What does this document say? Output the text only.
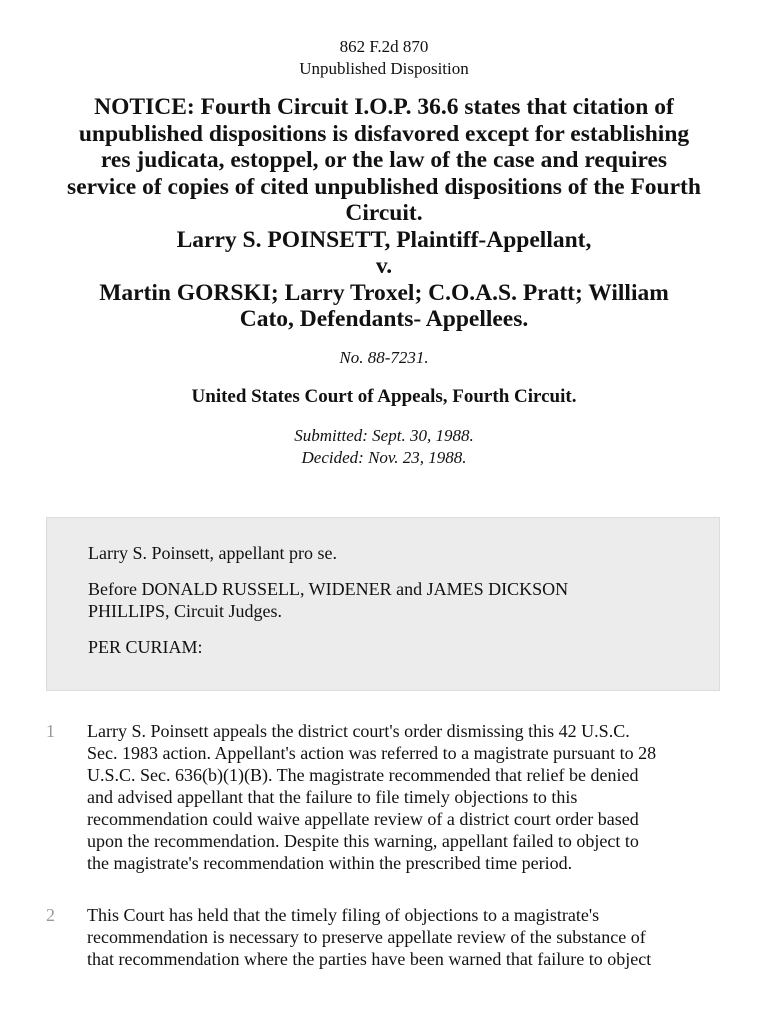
862 F.2d 870

Unpublished Disposition

NOTICE: Fourth Circuit I.O.P. 36.6 states that citation of
unpublished dispositions is disfavored except for establishing
res judicata, estoppel, or the law of the case and requires
service of copies of cited unpublished dispositions of the Fourth
Circuit.
Larry S. POINSETT, Plaintiff-Appellant,
v.
Martin GORSKI; Larry Troxel; C.O.A.S. Pratt; William
Cato, Defendants- Appellees.

No. 88-7231.

United States Court of Appeals, Fourth Circuit.

Submitted: Sept. 30, 1988.
Decided: Nov. 23, 1988.

Larry S. Poinsett, appellant pro se.

Before DONALD RUSSELL, WIDENER and JAMES DICKSON
PHILLIPS, Circuit Judges.

PER CURIAM:

1 Larry S. Poinsett appeals the district court's order dismissing this 42 U.S.C.
Sec. 1983 action. Appellant's action was referred to a magistrate pursuant to 28
U.S.C. Sec. 636(b)(1)(B). The magistrate recommended that relief be denied
and advised appellant that the failure to file timely objections to this
recommendation could waive appellate review of a district court order based
upon the recommendation. Despite this warning, appellant failed to object to
the magistrate's recommendation within the prescribed time period.

2 This Court has held that the timely filing of objections to a magistrate's
recommendation is necessary to preserve appellate review of the substance of
that recommendation where the parties have been warned that failure to object
